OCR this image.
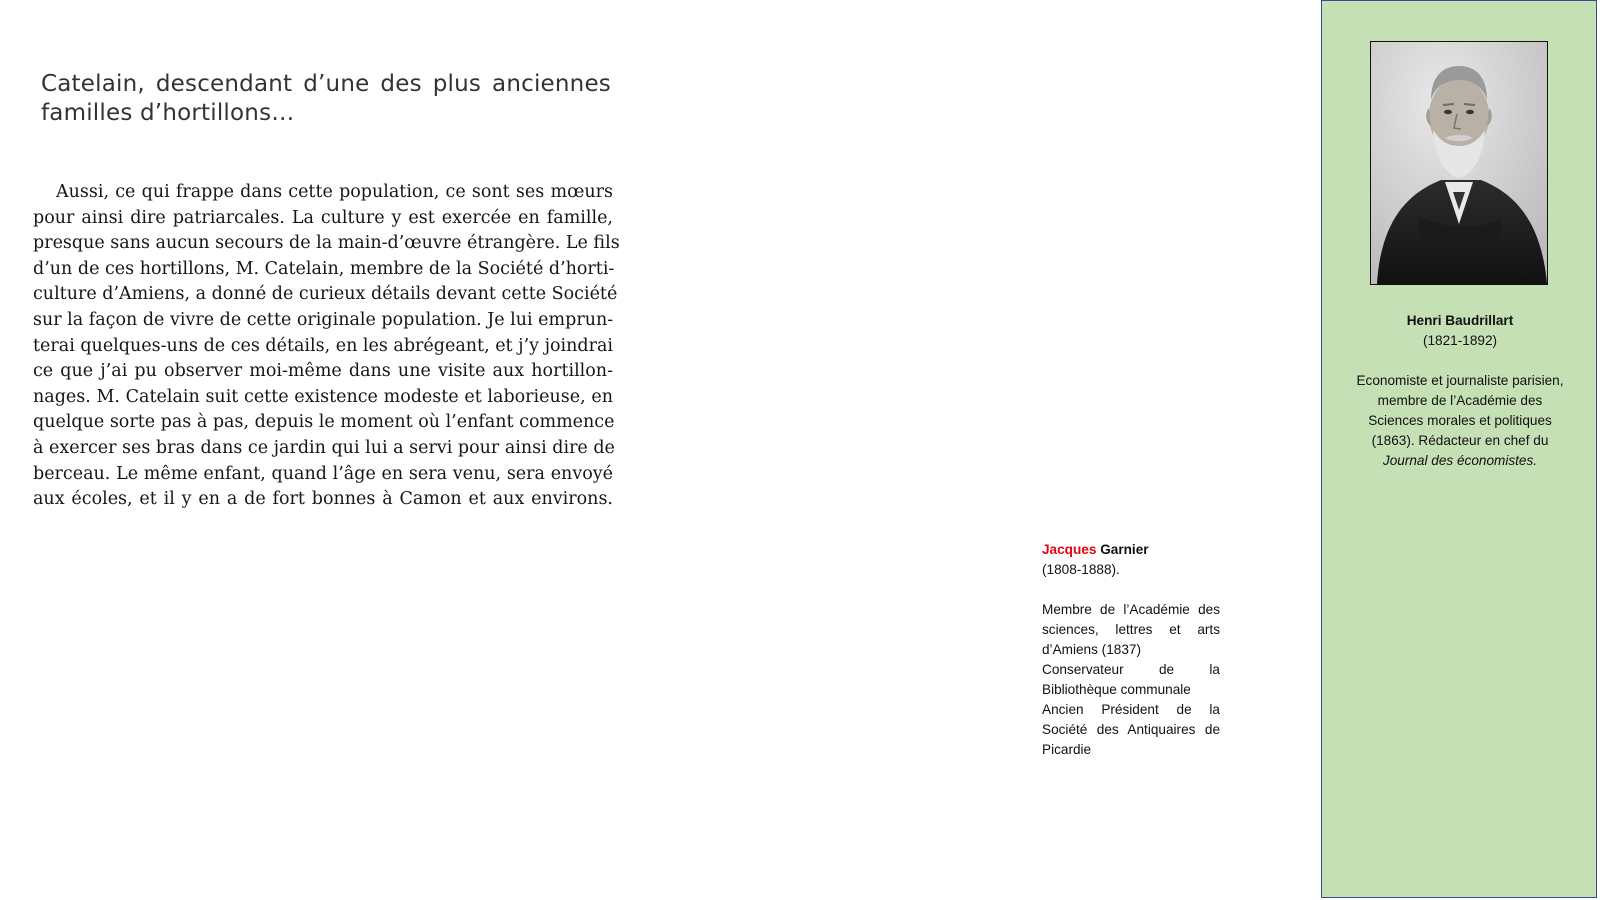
Catelain, descendant d’une des plus anciennes familles d’hortillons…
Aussi, ce qui frappe dans cette population, ce sont ses mœurs
pour ainsi dire patriarcales. La culture y est exercée en famille,
presque sans aucun secours de la main-d’œuvre étrangère. Le fils
d’un de ces hortillons, M. Catelain, membre de la Société d’horti-
culture d’Amiens, a donné de curieux détails devant cette Société
sur la façon de vivre de cette originale population. Je lui emprun-
terai quelques-uns de ces détails, en les abrégeant, et j’y joindrai
ce que j’ai pu observer moi-même dans une visite aux hortillon-
nages. M. Catelain suit cette existence modeste et laborieuse, en
quelque sorte pas à pas, depuis le moment où l’enfant commence
à exercer ses bras dans ce jardin qui lui a servi pour ainsi dire de
berceau. Le même enfant, quand l’âge en sera venu, sera envoyé
aux écoles, et il y en a de fort bonnes à Camon et aux environs.
Jacques Garnier
(1808-1888).
Membre de l’Académie des sciences, lettres et arts d’Amiens (1837)
Conservateur de la Bibliothèque communale
Ancien Président de la Société des Antiquaires de Picardie
Henri Baudrillart
(1821-1892)
Economiste et journaliste parisien, membre de l’Académie des Sciences morales et politiques (1863). Rédacteur en chef du Journal des économistes.
